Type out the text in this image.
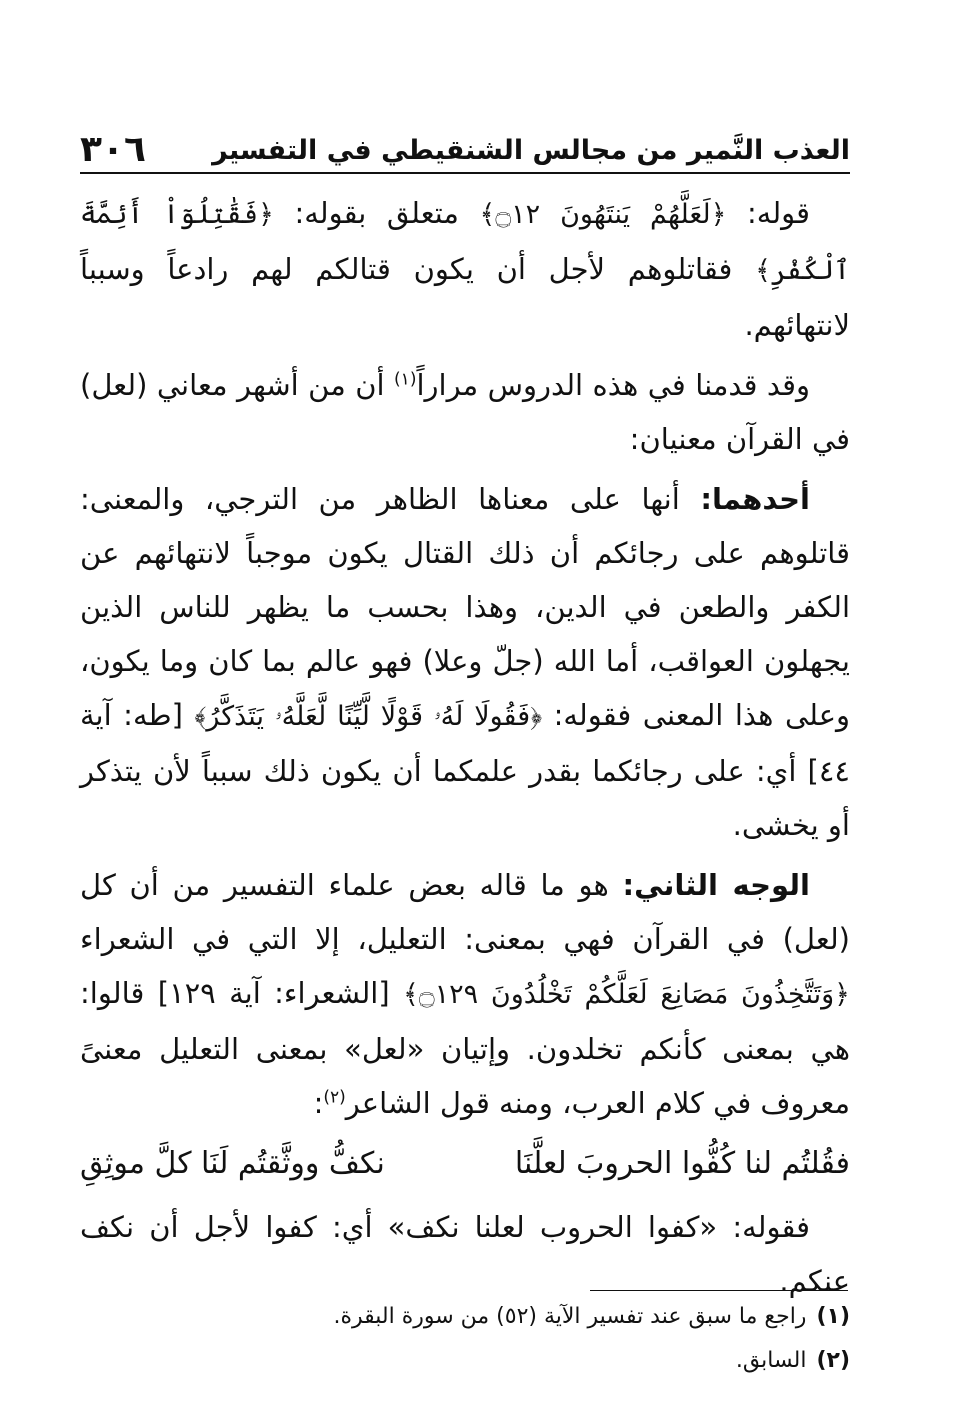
العذب النَّمير من مجالس الشنقيطي في التفسير
٣٠٦

قوله: ﴿لَعَلَّهُمْ يَنتَهُونَ ۝١٢﴾ متعلق بقوله: ﴿فَقَٰتِلُوٓاْ أَئِمَّةَ ٱلْكُفْرِ﴾ فقاتلوهم لأجل أن يكون قتالكم لهم رادعاً وسبباً لانتهائهم.

وقد قدمنا في هذه الدروس مراراً$^{(١)}$ أن من أشهر معاني (لعل) في القرآن معنيان:

أحدهما: أنها على معناها الظاهر من الترجي، والمعنى: قاتلوهم على رجائكم أن ذلك القتال يكون موجباً لانتهائهم عن الكفر والطعن في الدين، وهذا بحسب ما يظهر للناس الذين يجهلون العواقب، أما الله (جلّ وعلا) فهو عالم بما كان وما يكون، وعلى هذا المعنى فقوله: ﴿فَقُولَا لَهُۥ قَوْلًا لَّيِّنًا لَّعَلَّهُۥ يَتَذَكَّرُ﴾ [طه: آية ٤٤] أي: على رجائكما بقدر علمكما أن يكون ذلك سبباً لأن يتذكر أو يخشى.

الوجه الثاني: هو ما قاله بعض علماء التفسير من أن كل (لعل) في القرآن فهي بمعنى: التعليل، إلا التي في الشعراء ﴿وَتَتَّخِذُونَ مَصَانِعَ لَعَلَّكُمْ تَخْلُدُونَ ۝١٢٩﴾ [الشعراء: آية ١٢٩] قالوا: هي بمعنى كأنكم تخلدون. وإتيان «لعل» بمعنى التعليل معنىً معروف في كلام العرب، ومنه قول الشاعر$^{(٢)}$:

فقُلتُم لنا كُفُّوا الحروبَ لعلَّنَا
نكفُّ ووثَّقتُم لَنَا كلَّ موثِقِ

فقوله: «كفوا الحروب لعلنا نكف» أي: كفوا لأجل أن نكف عنكم.

(١)
راجع ما سبق عند تفسير الآية (٥٢) من سورة البقرة.
(٢)
السابق.
